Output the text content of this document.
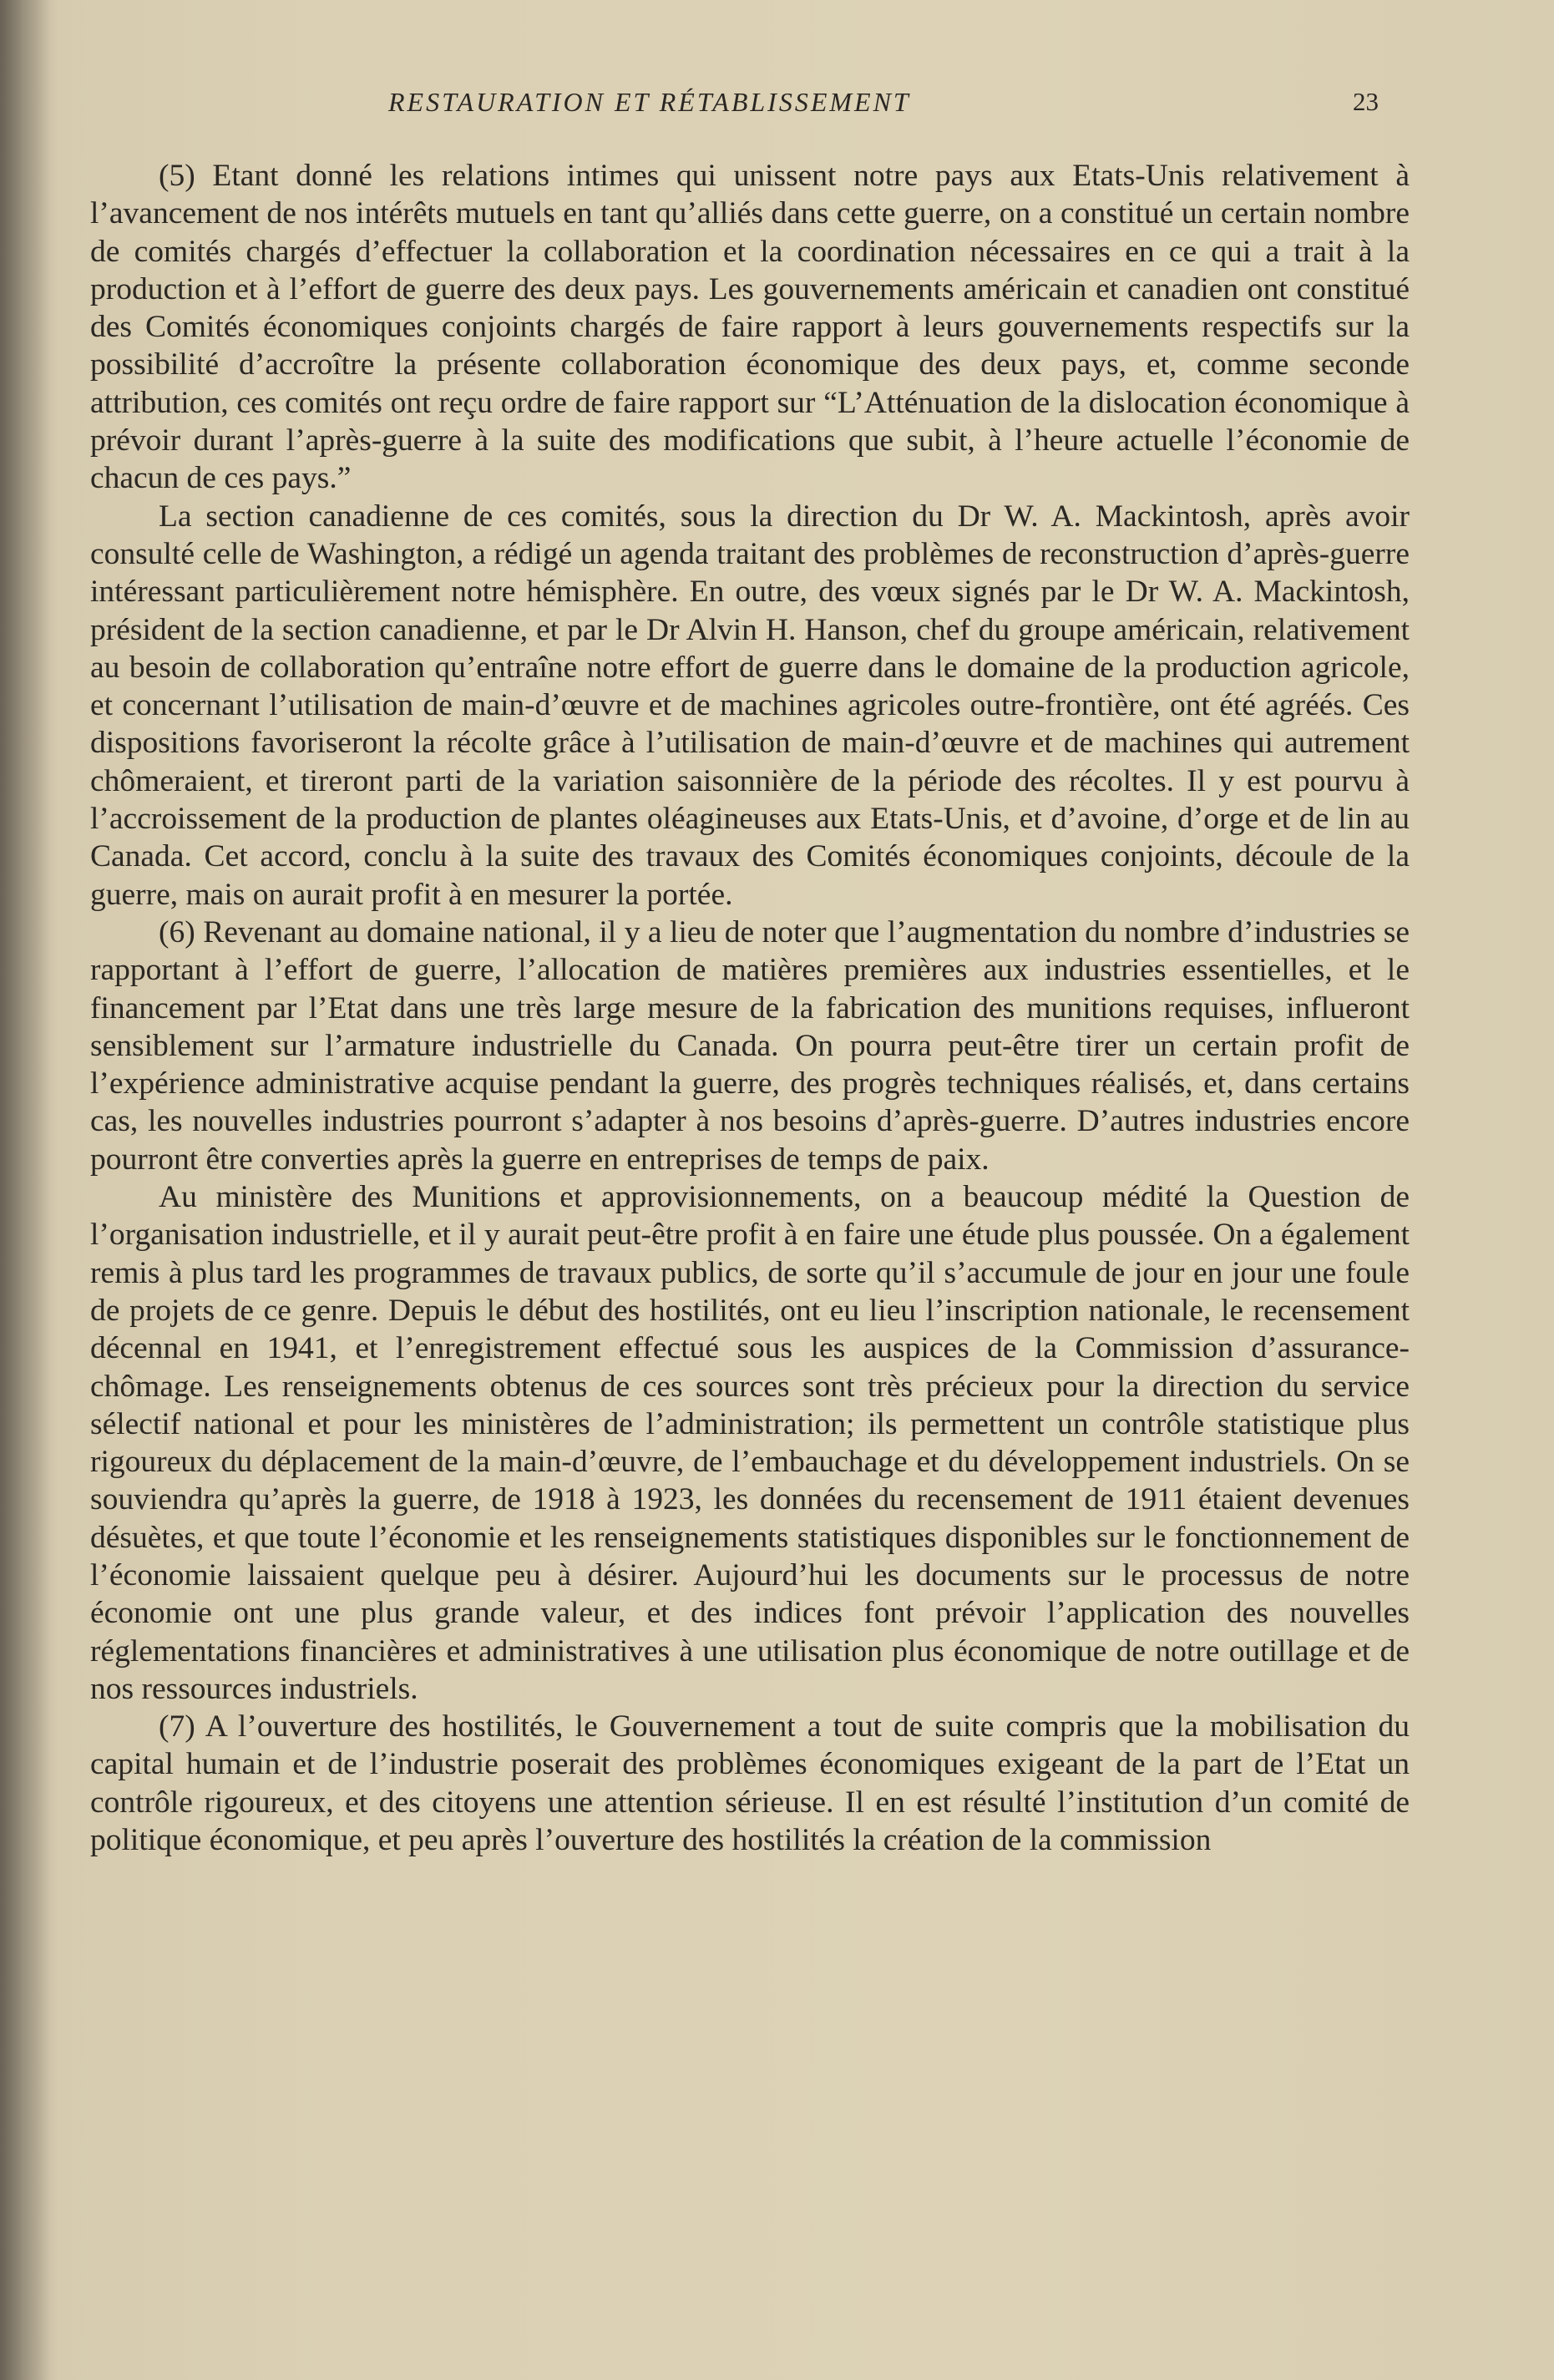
RESTAURATION ET RÉTABLISSEMENT	23

(5) Etant donné les relations intimes qui unissent notre pays aux Etats-Unis relativement à l’avancement de nos intérêts mutuels en tant qu’alliés dans cette guerre, on a constitué un certain nombre de comités chargés d’effectuer la collaboration et la coordination nécessaires en ce qui a trait à la production et à l’effort de guerre des deux pays. Les gouvernements américain et canadien ont constitué des Comités économiques conjoints chargés de faire rapport à leurs gouvernements respectifs sur la possibilité d’accroître la présente collaboration économique des deux pays, et, comme seconde attribution, ces comités ont reçu ordre de faire rapport sur “L’Atténuation de la dislocation économique à prévoir durant l’après-guerre à la suite des modifications que subit, à l’heure actuelle l’économie de chacun de ces pays.”

La section canadienne de ces comités, sous la direction du Dr W. A. Mackintosh, après avoir consulté celle de Washington, a rédigé un agenda traitant des problèmes de reconstruction d’après-guerre intéressant particulièrement notre hémisphère. En outre, des vœux signés par le Dr W. A. Mackintosh, président de la section canadienne, et par le Dr Alvin H. Hanson, chef du groupe américain, relativement au besoin de collaboration qu’entraîne notre effort de guerre dans le domaine de la production agricole, et concernant l’utilisation de main-d’œuvre et de machines agricoles outre-frontière, ont été agréés. Ces dispositions favoriseront la récolte grâce à l’utilisation de main-d’œuvre et de machines qui autrement chômeraient, et tireront parti de la variation saisonnière de la période des récoltes. Il y est pourvu à l’accroissement de la production de plantes oléagineuses aux Etats-Unis, et d’avoine, d’orge et de lin au Canada. Cet accord, conclu à la suite des travaux des Comités économiques conjoints, découle de la guerre, mais on aurait profit à en mesurer la portée.

(6) Revenant au domaine national, il y a lieu de noter que l’augmentation du nombre d’industries se rapportant à l’effort de guerre, l’allocation de matières premières aux industries essentielles, et le financement par l’Etat dans une très large mesure de la fabrication des munitions requises, influeront sensiblement sur l’armature industrielle du Canada. On pourra peut-être tirer un certain profit de l’expérience administrative acquise pendant la guerre, des progrès techniques réalisés, et, dans certains cas, les nouvelles industries pourront s’adapter à nos besoins d’après-guerre. D’autres industries encore pourront être converties après la guerre en entreprises de temps de paix.

Au ministère des Munitions et approvisionnements, on a beaucoup médité la Question de l’organisation industrielle, et il y aurait peut-être profit à en faire une étude plus poussée. On a également remis à plus tard les programmes de travaux publics, de sorte qu’il s’accumule de jour en jour une foule de projets de ce genre. Depuis le début des hostilités, ont eu lieu l’inscription nationale, le recensement décennal en 1941, et l’enregistrement effectué sous les auspices de la Commission d’assurance-chômage. Les renseignements obtenus de ces sources sont très précieux pour la direction du service sélectif national et pour les ministères de l’administration; ils permettent un contrôle statistique plus rigoureux du déplacement de la main-d’œuvre, de l’embauchage et du développement industriels. On se souviendra qu’après la guerre, de 1918 à 1923, les données du recensement de 1911 étaient devenues désuètes, et que toute l’économie et les renseignements statistiques disponibles sur le fonctionnement de l’économie laissaient quelque peu à désirer. Aujourd’hui les documents sur le processus de notre économie ont une plus grande valeur, et des indices font prévoir l’application des nouvelles réglementations financières et administratives à une utilisation plus économique de notre outillage et de nos ressources industriels.

(7) A l’ouverture des hostilités, le Gouvernement a tout de suite compris que la mobilisation du capital humain et de l’industrie poserait des problèmes économiques exigeant de la part de l’Etat un contrôle rigoureux, et des citoyens une attention sérieuse. Il en est résulté l’institution d’un comité de politique économique, et peu après l’ouverture des hostilités la création de la commission
